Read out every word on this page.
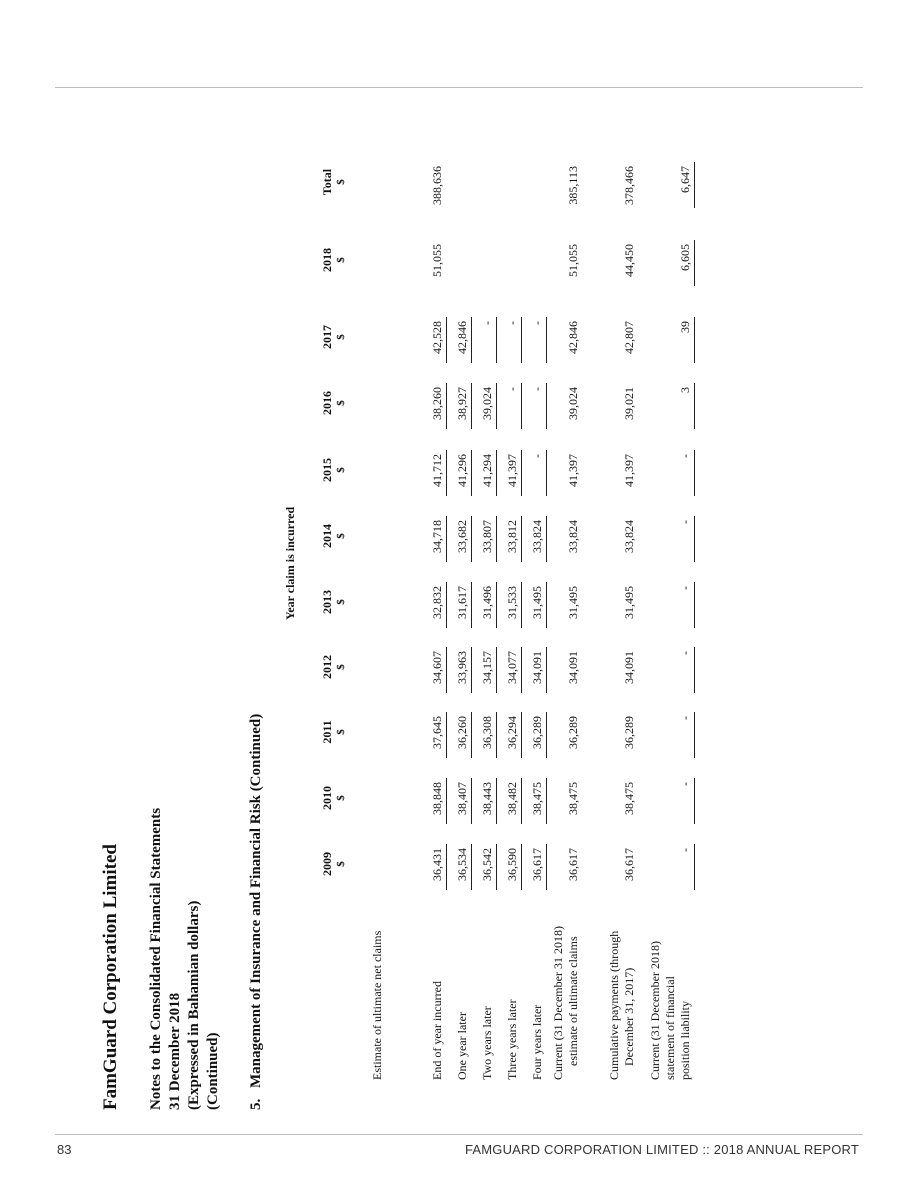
FamGuard Corporation Limited Notes to the Consolidated Financial Statements 31 December 2018 (Expressed in Bahamian dollars) (Continued) 5.
Management of Insurance and Financial Risk (Continued)
Year claim is incurred
Estimate of ultimate net claims
2009 $
2010 $
2011 $
2012 $
2013 $
2014 $
2015 $
2016 $
2017 $
2018 $
Total $
End of year incurred
36,431
38,848
37,645
34,607
32,832
34,718
41,712
38,260
42,528
51,055
388,636
One year later
36,534
38,407
36,260
33,963
31,617
33,682
41,296
38,927
42,846
Two years later
36,542
38,443
36,308
34,157
31,496
33,807
41,294
39,024
-
Three years later
36,590
38,482
36,294
34,077
31,533
33,812
41,397
-
-
Four years later
36,617
38,475
36,289
34,091
31,495
33,824
-
-
-
Current (31 December 31 2018) estimate of ultimate claims
36,617
38,475
36,289
34,091
31,495
33,824
41,397
39,024
42,846
51,055
385,113
Cumulative payments (through December 31, 2017)
36,617
38,475
36,289
34,091
31,495
33,824
41,397
39,021
42,807
44,450
378,466
Current (31 December 2018) statement of financial position liability
-
-
-
-
-
-
-
3
39
6,605
6,647
83	FAMGUARD CORPORATION LIMITED :: 2018 ANNUAL REPORT
